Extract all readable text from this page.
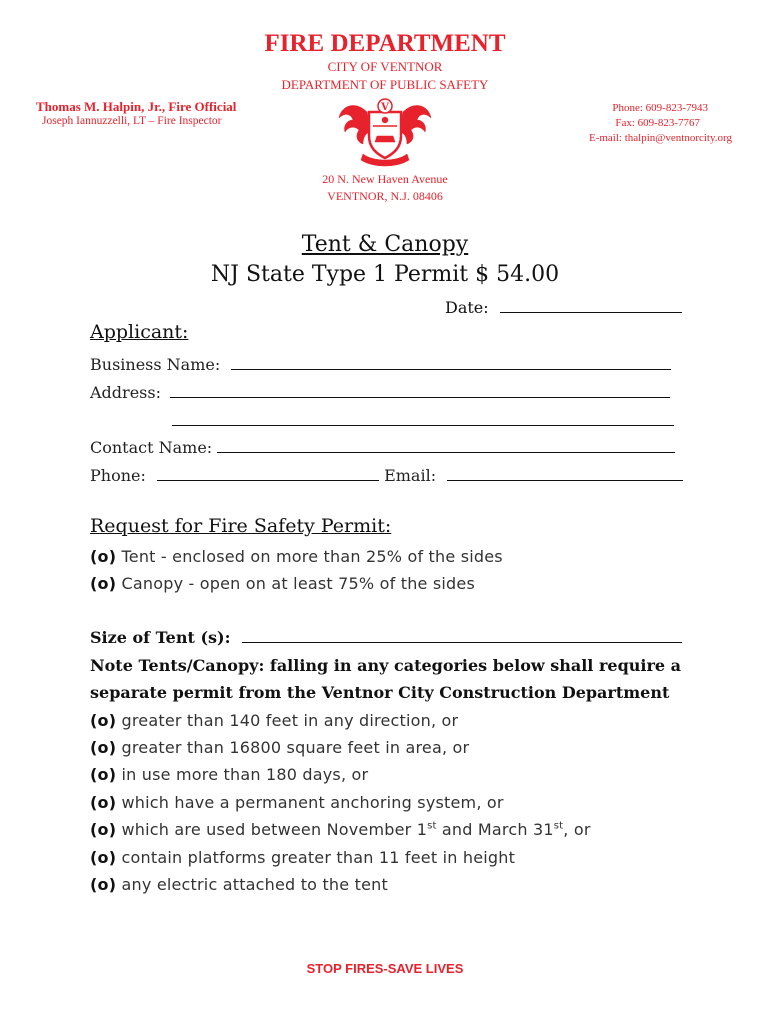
FIRE DEPARTMENT
CITY OF VENTNOR
DEPARTMENT OF PUBLIC SAFETY
Thomas M. Halpin, Jr., Fire Official
Joseph Iannuzzelli, LT – Fire Inspector
Phone: 609-823-7943
Fax: 609-823-7767
E-mail: thalpin@ventnorcity.org
V
20 N. New Haven Avenue
VENTNOR, N.J. 08406
Tent & Canopy
NJ State Type 1 Permit $ 54.00
Date:
Applicant:
Business Name:
Address:
Contact Name:
Phone:	Email:
Request for Fire Safety Permit:
(o) Tent - enclosed on more than 25% of the sides
(o) Canopy - open on at least 75% of the sides
Size of Tent (s):
Note Tents/Canopy: falling in any categories below shall require a
separate permit from the Ventnor City Construction Department
(o) greater than 140 feet in any direction, or
(o) greater than 16800 square feet in area, or
(o) in use more than 180 days, or
(o) which have a permanent anchoring system, or
(o) which are used between November 1st and March 31st, or
(o) contain platforms greater than 11 feet in height
(o) any electric attached to the tent
STOP FIRES-SAVE LIVES
